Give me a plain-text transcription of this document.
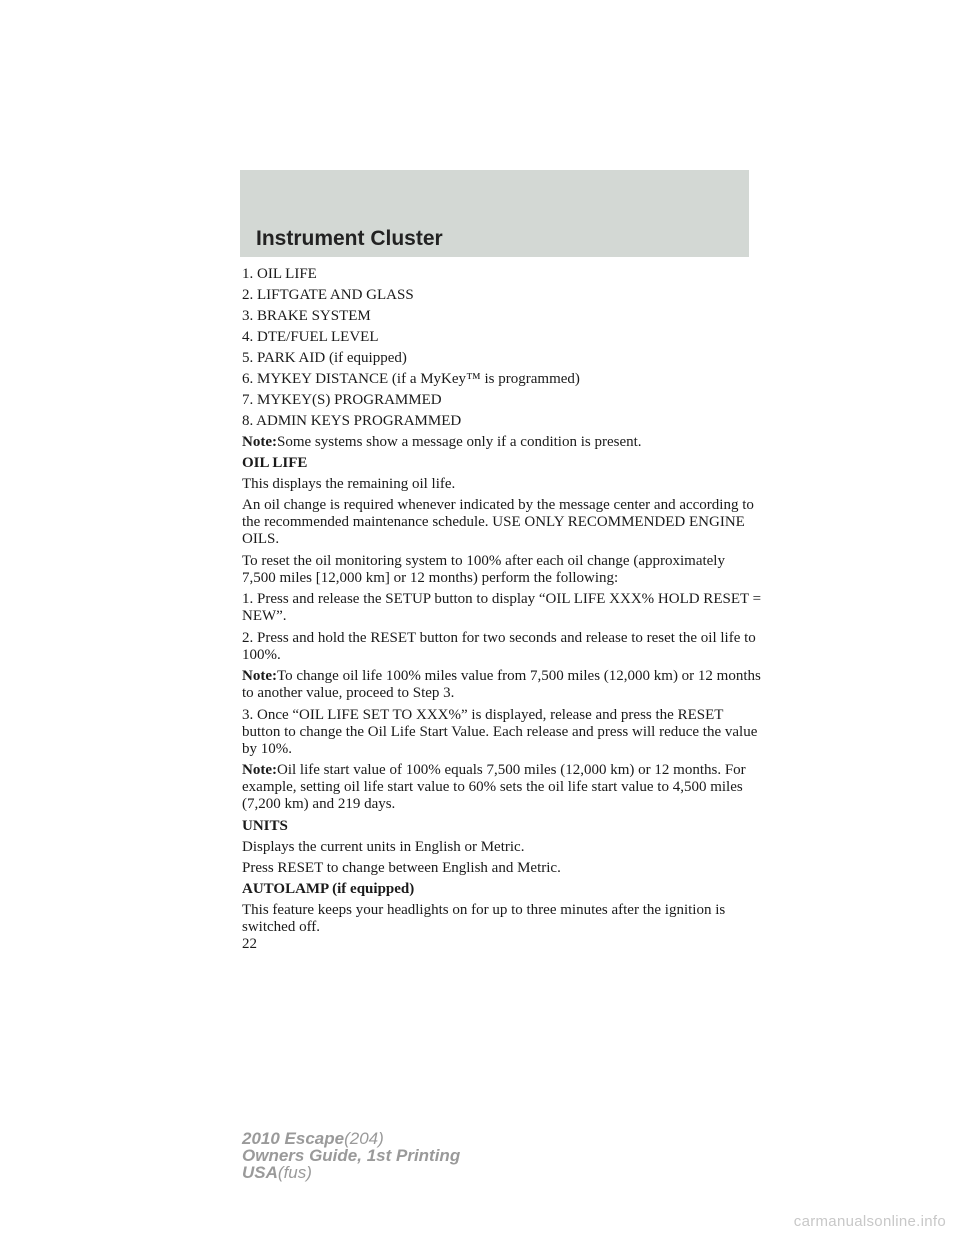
Instrument Cluster
1. OIL LIFE
2. LIFTGATE AND GLASS
3. BRAKE SYSTEM
4. DTE/FUEL LEVEL
5. PARK AID (if equipped)
6. MYKEY DISTANCE (if a MyKey™ is programmed)
7. MYKEY(S) PROGRAMMED
8. ADMIN KEYS PROGRAMMED

Note:Some systems show a message only if a condition is present.

OIL LIFE

This displays the remaining oil life.

An oil change is required whenever indicated by the message center and according to the recommended maintenance schedule. USE ONLY RECOMMENDED ENGINE OILS.

To reset the oil monitoring system to 100% after each oil change (approximately 7,500 miles [12,000 km] or 12 months) perform the following:

1. Press and release the SETUP button to display “OIL LIFE XXX% HOLD RESET = NEW”.

2. Press and hold the RESET button for two seconds and release to reset the oil life to 100%.

Note:To change oil life 100% miles value from 7,500 miles (12,000 km) or 12 months to another value, proceed to Step 3.

3. Once “OIL LIFE SET TO XXX%” is displayed, release and press the RESET button to change the Oil Life Start Value. Each release and press will reduce the value by 10%.

Note:Oil life start value of 100% equals 7,500 miles (12,000 km) or 12 months. For example, setting oil life start value to 60% sets the oil life start value to 4,500 miles (7,200 km) and 219 days.

UNITS

Displays the current units in English or Metric.

Press RESET to change between English and Metric.

AUTOLAMP (if equipped)

This feature keeps your headlights on for up to three minutes after the ignition is switched off.

22
2010 Escape(204)
Owners Guide, 1st Printing
USA(fus)
carmanualsonline.info
